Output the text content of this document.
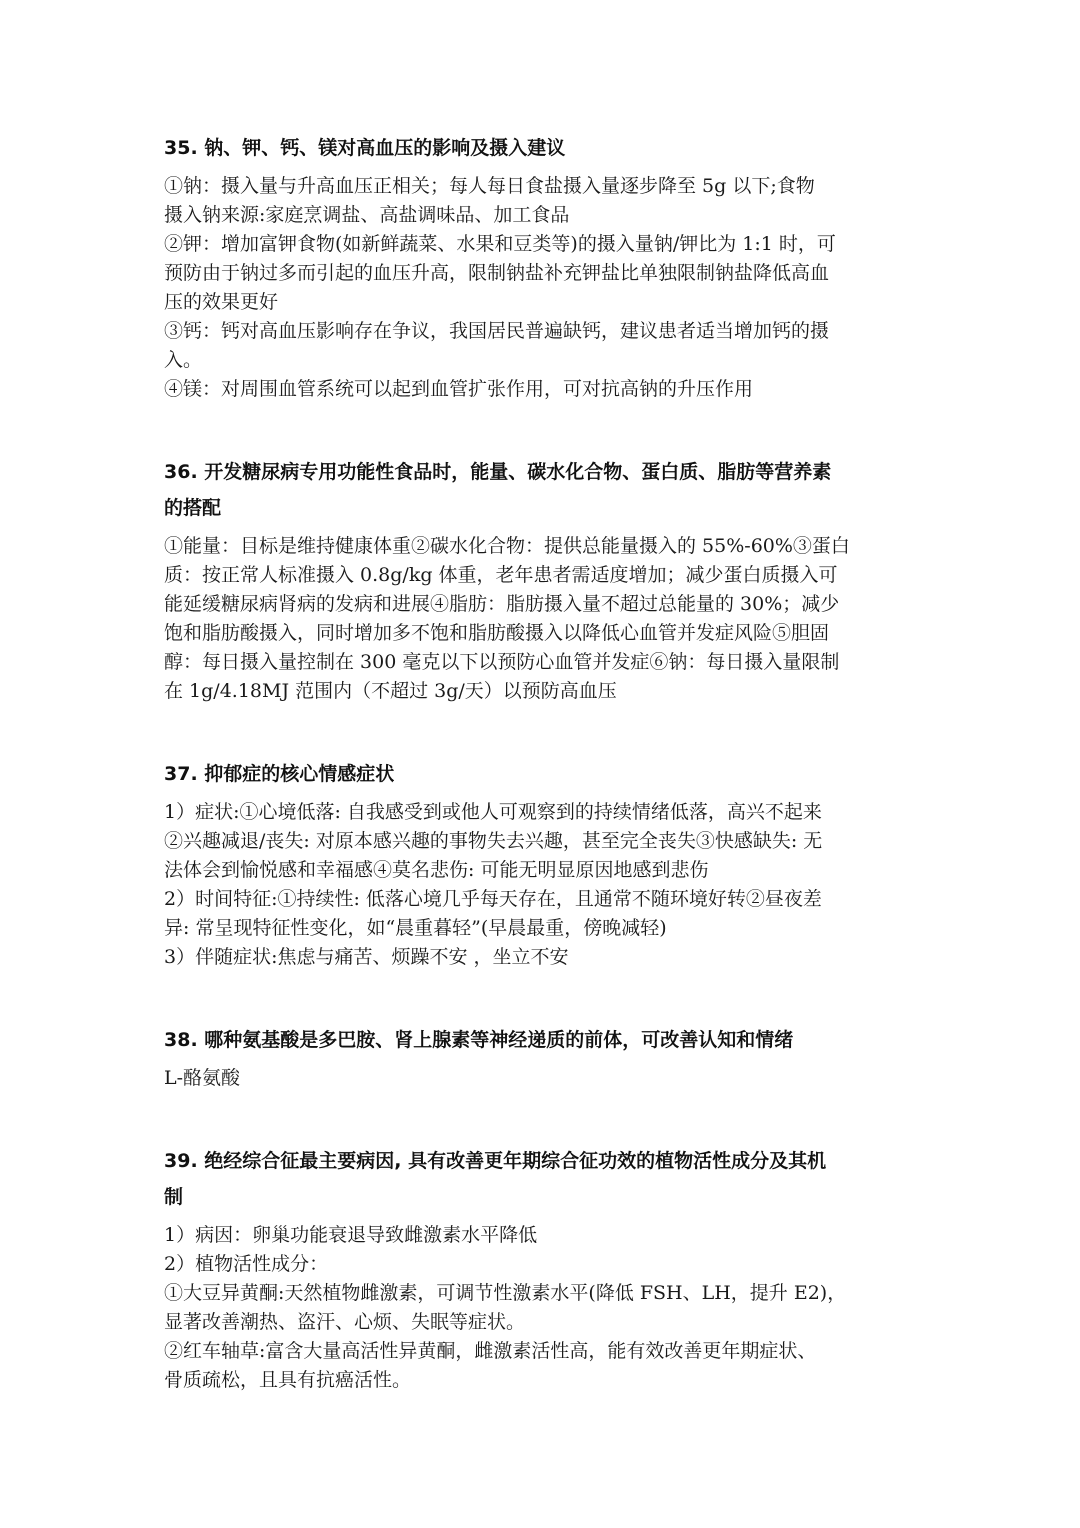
35. 钠、钾、钙、镁对高血压的影响及摄入建议

①钠：摄入量与升高血压正相关；每人每日食盐摄入量逐步降至 5g 以下;食物

摄入钠来源:家庭烹调盐、高盐调味品、加工食品

②钾：增加富钾食物(如新鲜蔬菜、水果和豆类等)的摄入量钠/钾比为 1:1 时，可

预防由于钠过多而引起的血压升高，限制钠盐补充钾盐比单独限制钠盐降低高血

压的效果更好

③钙：钙对高血压影响存在争议，我国居民普遍缺钙，建议患者适当增加钙的摄

入。

④镁：对周围血管系统可以起到血管扩张作用，可对抗高钠的升压作用

36. 开发糖尿病专用功能性食品时，能量、碳水化合物、蛋白质、脂肪等营养素
的搭配

①能量：目标是维持健康体重②碳水化合物：提供总能量摄入的 55%-60%③蛋白

质：按正常人标准摄入 0.8g/kg 体重，老年患者需适度增加；减少蛋白质摄入可

能延缓糖尿病肾病的发病和进展④脂肪：脂肪摄入量不超过总能量的 30%；减少

饱和脂肪酸摄入，同时增加多不饱和脂肪酸摄入以降低心血管并发症风险⑤胆固

醇：每日摄入量控制在 300 毫克以下以预防心血管并发症⑥钠：每日摄入量限制

在 1g/4.18MJ 范围内（不超过 3g/天）以预防高血压

37. 抑郁症的核心情感症状

1）症状:①心境低落: 自我感受到或他人可观察到的持续情绪低落，高兴不起来

②兴趣减退/丧失: 对原本感兴趣的事物失去兴趣，甚至完全丧失③快感缺失: 无

法体会到愉悦感和幸福感④莫名悲伤: 可能无明显原因地感到悲伤

2）时间特征:①持续性: 低落心境几乎每天存在，且通常不随环境好转②昼夜差

异: 常呈现特征性变化，如“晨重暮轻”(早晨最重，傍晚减轻)

3）伴随症状:焦虑与痛苦、烦躁不安 ，坐立不安

38. 哪种氨基酸是多巴胺、肾上腺素等神经递质的前体，可改善认知和情绪

L-酪氨酸

39. 绝经综合征最主要病因, 具有改善更年期综合征功效的植物活性成分及其机
制

1）病因：卵巢功能衰退导致雌激素水平降低

2）植物活性成分：

①大豆异黄酮:天然植物雌激素，可调节性激素水平(降低 FSH、LH，提升 E2)，

显著改善潮热、盗汗、心烦、失眠等症状。

②红车轴草:富含大量高活性异黄酮，雌激素活性高，能有效改善更年期症状、

骨质疏松，且具有抗癌活性。
